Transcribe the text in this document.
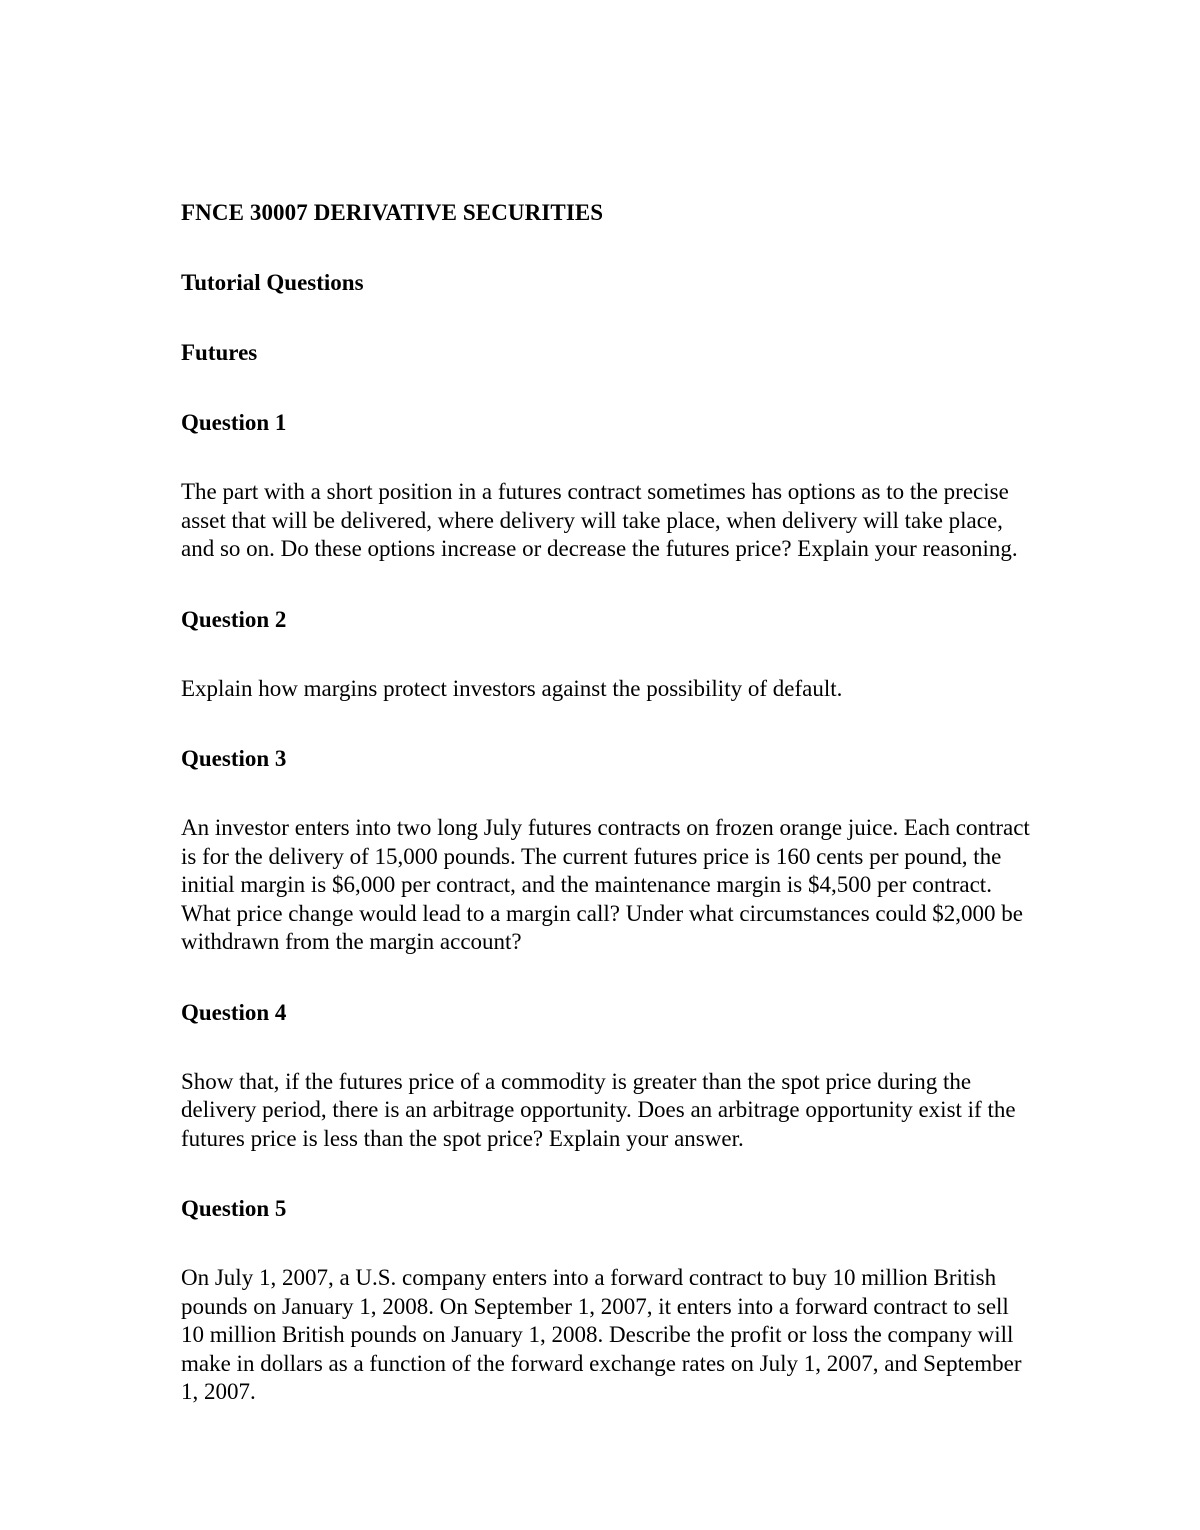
FNCE 30007 DERIVATIVE SECURITIES
Tutorial Questions
Futures
Question 1
The part with a short position in a futures contract sometimes has options as to the precise asset that will be delivered, where delivery will take place, when delivery will take place, and so on. Do these options increase or decrease the futures price? Explain your reasoning.
Question 2
Explain how margins protect investors against the possibility of default.
Question 3
An investor enters into two long July futures contracts on frozen orange juice. Each contract is for the delivery of 15,000 pounds. The current futures price is 160 cents per pound, the initial margin is $6,000 per contract, and the maintenance margin is $4,500 per contract. What price change would lead to a margin call? Under what circumstances could $2,000 be withdrawn from the margin account?
Question 4
Show that, if the futures price of a commodity is greater than the spot price during the delivery period, there is an arbitrage opportunity. Does an arbitrage opportunity exist if the futures price is less than the spot price? Explain your answer.
Question 5
On July 1, 2007, a U.S. company enters into a forward contract to buy 10 million British pounds on January 1, 2008. On September 1, 2007, it enters into a forward contract to sell 10 million British pounds on January 1, 2008. Describe the profit or loss the company will make in dollars as a function of the forward exchange rates on July 1, 2007, and September 1, 2007.
